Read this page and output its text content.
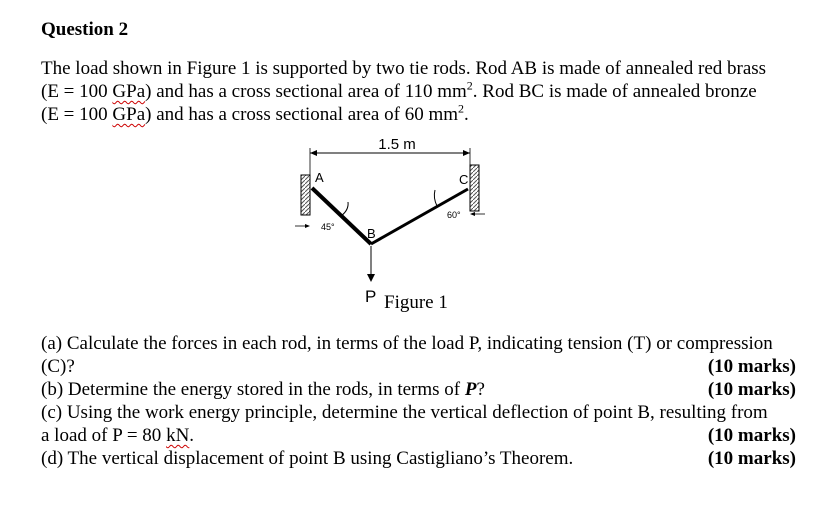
Question 2
The load shown in Figure 1 is supported by two tie rods. Rod AB is made of annealed red brass
(E = 100 GPa) and has a cross sectional area of 110 $mm^2$. Rod BC is made of annealed bronze
(E = 100 GPa) and has a cross sectional area of 60 $mm^2$.
1.5 m
A	C
B
45°
60°
P Figure 1
(a) Calculate the forces in each rod, in terms of the load P, indicating tension (T) or compression
(C)?	(10 marks)
(b) Determine the energy stored in the rods, in terms of P?	(10 marks)
(c) Using the work energy principle, determine the vertical deflection of point B, resulting from
a load of P = 80 kN.	(10 marks)
(d) The vertical displacement of point B using Castigliano’s Theorem.	(10 marks)
